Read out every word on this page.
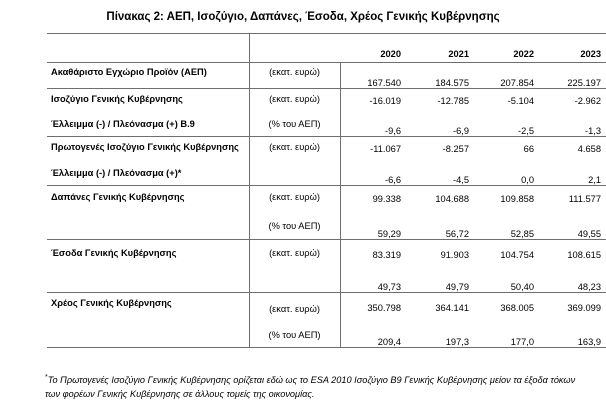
Πίνακας 2: ΑΕΠ, Ισοζύγιο, Δαπάνες, Έσοδα, Χρέος Γενικής Κυβέρνησης
		2020	2021	2022	2023
Ακαθάριστο Εγχώριο Προϊόν (ΑΕΠ)	(εκατ. ευρώ)	167.540	184.575	207.854	225.197
Ισοζύγιο Γενικής Κυβέρνησης	(εκατ. ευρώ)	-16.019	-12.785	-5.104	-2.962
Έλλειμμα (-) / Πλεόνασμα (+) Β.9	(% του ΑΕΠ)	-9,6	-6,9	-2,5	-1,3
Πρωτογενές Ισοζύγιο Γενικής Κυβέρνησης	(εκατ. ευρώ)	-11.067	-8.257	66	4.658
Έλλειμμα (-) / Πλεόνασμα (+)*		-6,6	-4,5	0,0	2,1
Δαπάνες Γενικής Κυβέρνησης	(εκατ. ευρώ)	99.338	104.688	109.858	111.577
	(% του ΑΕΠ)	59,29	56,72	52,85	49,55
Έσοδα Γενικής Κυβέρνησης	(εκατ. ευρώ)	83.319	91.903	104.754	108.615
		49,73	49,79	50,40	48,23
Χρέος Γενικής Κυβέρνησης	(εκατ. ευρώ)	350.798	364.141	368.005	369.099
	(% του ΑΕΠ)	209,4	197,3	177,0	163,9
*Το Πρωτογενές Ισοζύγιο Γενικής Κυβέρνησης ορίζεται εδώ ως το ESA 2010 Ισοζύγιο Β9 Γενικής Κυβέρνησης μείον τα έξοδα τόκων των φορέων Γενικής Κυβέρνησης σε άλλους τομείς της οικονομίας.
